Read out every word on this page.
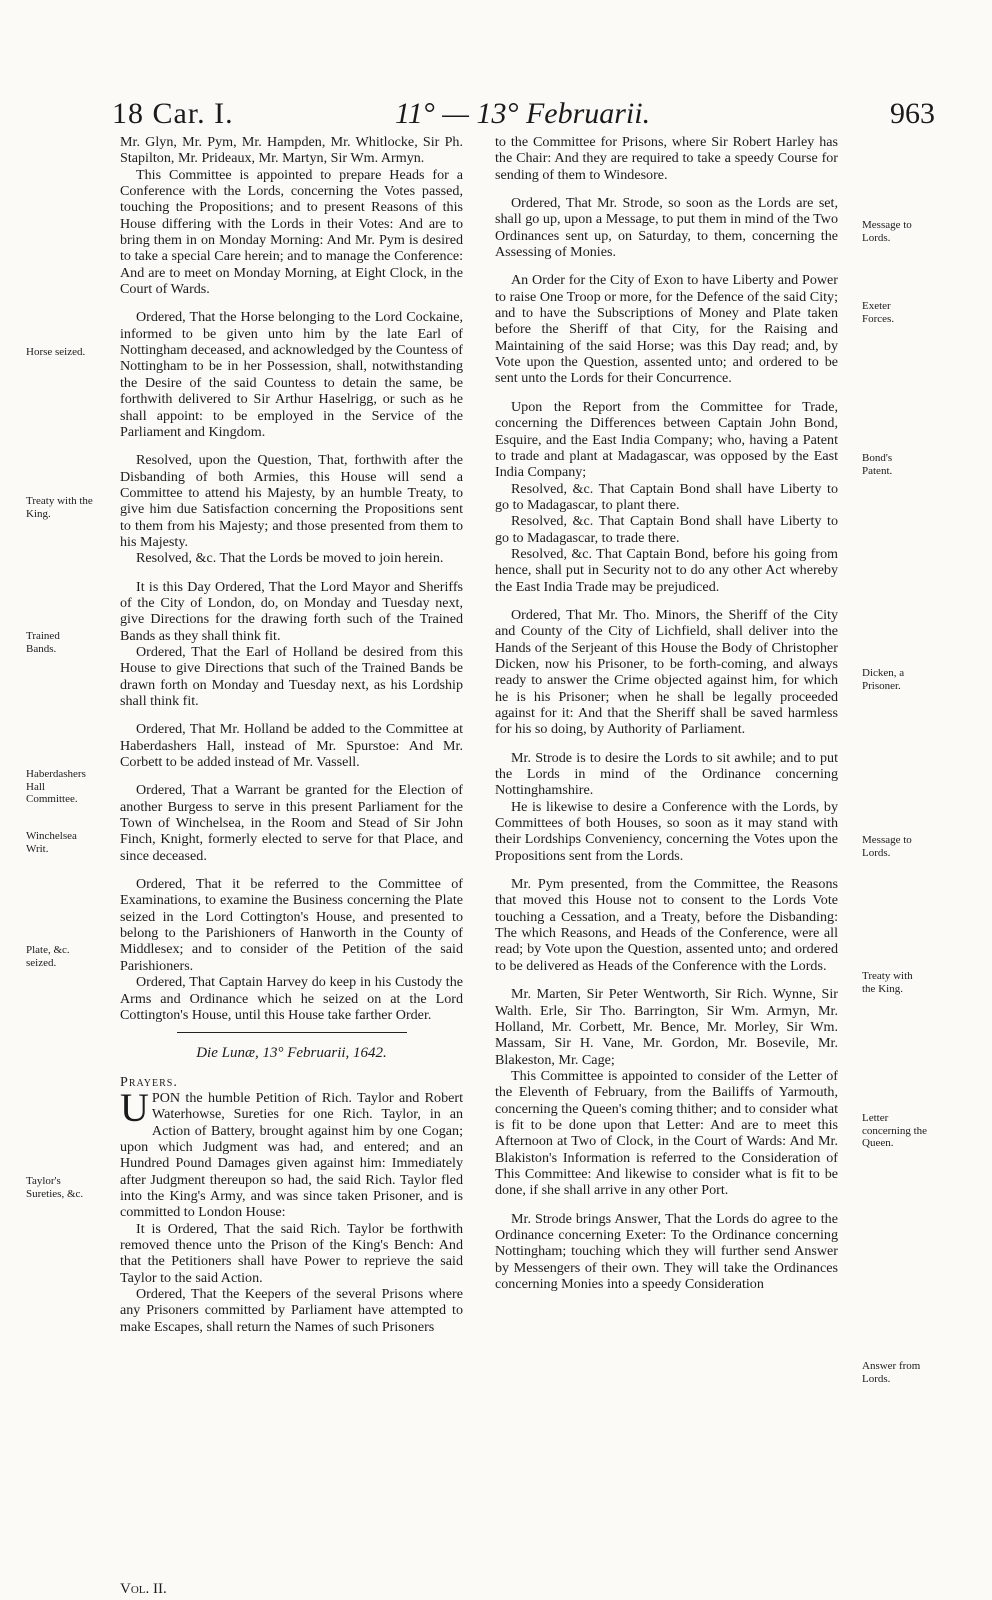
18 Car. I.	11° — 13° Februarii.	963

Mr. Glyn, Mr. Pym, Mr. Hampden, Mr. Whitlocke, Sir Ph. Stapilton, Mr. Prideaux, Mr. Martyn, Sir Wm. Armyn.

This Committee is appointed to prepare Heads for a Conference with the Lords, concerning the Votes passed, touching the Propositions; and to present Reasons of this House differing with the Lords in their Votes: And are to bring them in on Monday Morning: And Mr. Pym is desired to take a special Care herein; and to manage the Conference: And are to meet on Monday Morning, at Eight Clock, in the Court of Wards.

Ordered, That the Horse belonging to the Lord Cockaine, informed to be given unto him by the late Earl of Nottingham deceased, and acknowledged by the Countess of Nottingham to be in her Possession, shall, notwithstanding the Desire of the said Countess to detain the same, be forthwith delivered to Sir Arthur Haselrigg, or such as he shall appoint: to be employed in the Service of the Parliament and Kingdom.

Resolved, upon the Question, That, forthwith after the Disbanding of both Armies, this House will send a Committee to attend his Majesty, by an humble Treaty, to give him due Satisfaction concerning the Propositions sent to them from his Majesty; and those presented from them to his Majesty.

Resolved, &c. That the Lords be moved to join herein.

It is this Day Ordered, That the Lord Mayor and Sheriffs of the City of London, do, on Monday and Tuesday next, give Directions for the drawing forth such of the Trained Bands as they shall think fit.

Ordered, That the Earl of Holland be desired from this House to give Directions that such of the Trained Bands be drawn forth on Monday and Tuesday next, as his Lordship shall think fit.

Ordered, That Mr. Holland be added to the Committee at Haberdashers Hall, instead of Mr. Spurstoe: And Mr. Corbett to be added instead of Mr. Vassell.

Ordered, That a Warrant be granted for the Election of another Burgess to serve in this present Parliament for the Town of Winchelsea, in the Room and Stead of Sir John Finch, Knight, formerly elected to serve for that Place, and since deceased.

Ordered, That it be referred to the Committee of Examinations, to examine the Business concerning the Plate seized in the Lord Cottington's House, and presented to belong to the Parishioners of Hanworth in the County of Middlesex; and to consider of the Petition of the said Parishioners.

Ordered, That Captain Harvey do keep in his Custody the Arms and Ordinance which he seized on at the Lord Cottington's House, until this House take farther Order.

Die Lunæ, 13° Februarii, 1642.

Prayers.

UPON the humble Petition of Rich. Taylor and Robert Waterhowse, Sureties for one Rich. Taylor, in an Action of Battery, brought against him by one Cogan; upon which Judgment was had, and entered; and an Hundred Pound Damages given against him: Immediately after Judgment thereupon so had, the said Rich. Taylor fled into the King's Army, and was since taken Prisoner, and is committed to London House:

It is Ordered, That the said Rich. Taylor be forthwith removed thence unto the Prison of the King's Bench: And that the Petitioners shall have Power to reprieve the said Taylor to the said Action.

Ordered, That the Keepers of the several Prisons where any Prisoners committed by Parliament have attempted to make Escapes, shall return the Names of such Prisoners

to the Committee for Prisons, where Sir Robert Harley has the Chair: And they are required to take a speedy Course for sending of them to Windesore.

Ordered, That Mr. Strode, so soon as the Lords are set, shall go up, upon a Message, to put them in mind of the Two Ordinances sent up, on Saturday, to them, concerning the Assessing of Monies.

An Order for the City of Exon to have Liberty and Power to raise One Troop or more, for the Defence of the said City; and to have the Subscriptions of Money and Plate taken before the Sheriff of that City, for the Raising and Maintaining of the said Horse; was this Day read; and, by Vote upon the Question, assented unto; and ordered to be sent unto the Lords for their Concurrence.

Upon the Report from the Committee for Trade, concerning the Differences between Captain John Bond, Esquire, and the East India Company; who, having a Patent to trade and plant at Madagascar, was opposed by the East India Company;

Resolved, &c. That Captain Bond shall have Liberty to go to Madagascar, to plant there.

Resolved, &c. That Captain Bond shall have Liberty to go to Madagascar, to trade there.

Resolved, &c. That Captain Bond, before his going from hence, shall put in Security not to do any other Act whereby the East India Trade may be prejudiced.

Ordered, That Mr. Tho. Minors, the Sheriff of the City and County of the City of Lichfield, shall deliver into the Hands of the Serjeant of this House the Body of Christopher Dicken, now his Prisoner, to be forth-coming, and always ready to answer the Crime objected against him, for which he is his Prisoner; when he shall be legally proceeded against for it: And that the Sheriff shall be saved harmless for his so doing, by Authority of Parliament.

Mr. Strode is to desire the Lords to sit awhile; and to put the Lords in mind of the Ordinance concerning Nottinghamshire.

He is likewise to desire a Conference with the Lords, by Committees of both Houses, so soon as it may stand with their Lordships Conveniency, concerning the Votes upon the Propositions sent from the Lords.

Mr. Pym presented, from the Committee, the Reasons that moved this House not to consent to the Lords Vote touching a Cessation, and a Treaty, before the Disbanding: The which Reasons, and Heads of the Conference, were all read; by Vote upon the Question, assented unto; and ordered to be delivered as Heads of the Conference with the Lords.

Mr. Marten, Sir Peter Wentworth, Sir Rich. Wynne, Sir Walth. Erle, Sir Tho. Barrington, Sir Wm. Armyn, Mr. Holland, Mr. Corbett, Mr. Bence, Mr. Morley, Sir Wm. Massam, Sir H. Vane, Mr. Gordon, Mr. Bosevile, Mr. Blakeston, Mr. Cage;

This Committee is appointed to consider of the Letter of the Eleventh of February, from the Bailiffs of Yarmouth, concerning the Queen's coming thither; and to consider what is fit to be done upon that Letter: And are to meet this Afternoon at Two of Clock, in the Court of Wards: And Mr. Blakiston's Information is referred to the Consideration of This Committee: And likewise to consider what is fit to be done, if she shall arrive in any other Port.

Mr. Strode brings Answer, That the Lords do agree to the Ordinance concerning Exeter: To the Ordinance concerning Nottingham; touching which they will further send Answer by Messengers of their own. They will take the Ordinances concerning Monies into a speedy Consideration

Horse seized.
Treaty with the King.
Trained Bands.
Haberdashers Hall Committee.
Winchelsea Writ.
Plate, &c. seized.
Taylor's Sureties, &c.
Message to Lords.
Exeter Forces.
Bond's Patent.
Dicken, a Prisoner.
Message to Lords.
Treaty with the King.
Letter concerning the Queen.
Answer from Lords.
Vol. II.
